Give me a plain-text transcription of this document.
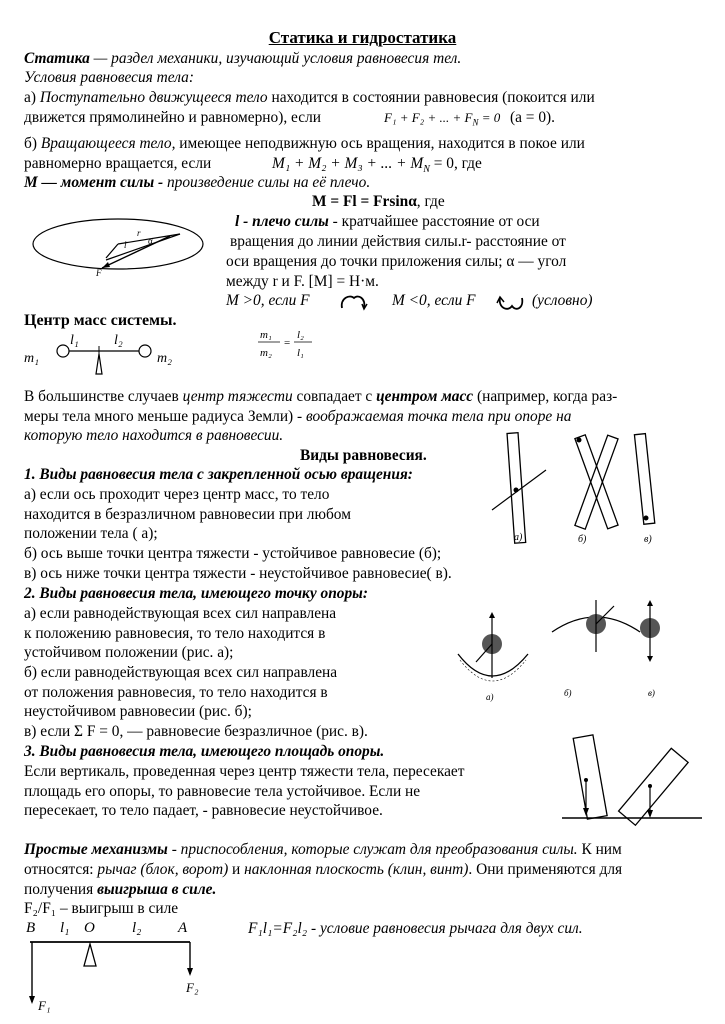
Статика и гидростатика
Статика — раздел механики, изучающий условия равновесия тел.
Условия равновесия тела:
а) Поступательно движущееся тело находится в состоянии равновесия (покоится или
движется прямолинейно и равномерно), если	F₁ + F₂ + ... + $F_N = 0$ (a = 0).
б) Вращающееся тело, имеющее неподвижную ось вращения, находится в покое или
равномерно вращается, если	M₁ + M₂ + M₃ + ... + $M_N = 0$, где
M — момент силы - произведение силы на её плечо.
M = Fl = Frsinα, где
l - плечо силы - кратчайшее расстояние от оси
вращения до линии действия силы.r- расстояние от
оси вращения до точки приложения силы; α — угол
между r и F. [M] = Н·м.
M >0, если F	M <0, если F	(условно)
r
l α
F
Центр масс системы.
l₁	l₂
m₁	m₂
=
m₁
m₂
l₂
l₁
В большинстве случаев центр тяжести совпадает с центром масс (например, когда раз-
меры тела много меньше радиуса Земли) - воображаемая точка тела при опоре на
которую тело находится в равновесии.
Виды равновесия.
1. Виды равновесия тела с закрепленной осью вращения:
а) если ось проходит через центр масс, то тело
находится в безразличном равновесии при любом
положении тела ( а);
б) ось выше точки центра тяжести - устойчивое равновесие (б);
в) ось ниже точки центра тяжести - неустойчивое равновесие( в).
а)	б)	в)
2. Виды равновесия тела, имеющего точку опоры:
а) если равнодействующая всех сил направлена
к положению равновесия, то тело находится в
устойчивом положении (рис. а);
б) если равнодействующая всех сил направлена
от положения равновесия, то тело находится в
неустойчивом равновесии (рис. б);
в) если Σ F = 0, — равновесие безразличное (рис. в).
а)	б)	в)
3. Виды равновесия тела, имеющего площадь опоры.
Если вертикаль, проведенная через центр тяжести тела, пересекает
площадь его опоры, то равновесие тела устойчивое. Если не
пересекает, то тело падает, - равновесие неустойчивое.
Простые механизмы - приспособления, которые служат для преобразования силы. К ним
относятся: рычаг (блок, ворот) и наклонная плоскость (клин, винт). Они применяются для
получения выигрыша в силе.
F₂/F₁ – выигрыш в силе
F₁l₁=F₂l₂ - условие равновесия рычага для двух сил.
B l₁ O l₂ A
F₁
F₂
